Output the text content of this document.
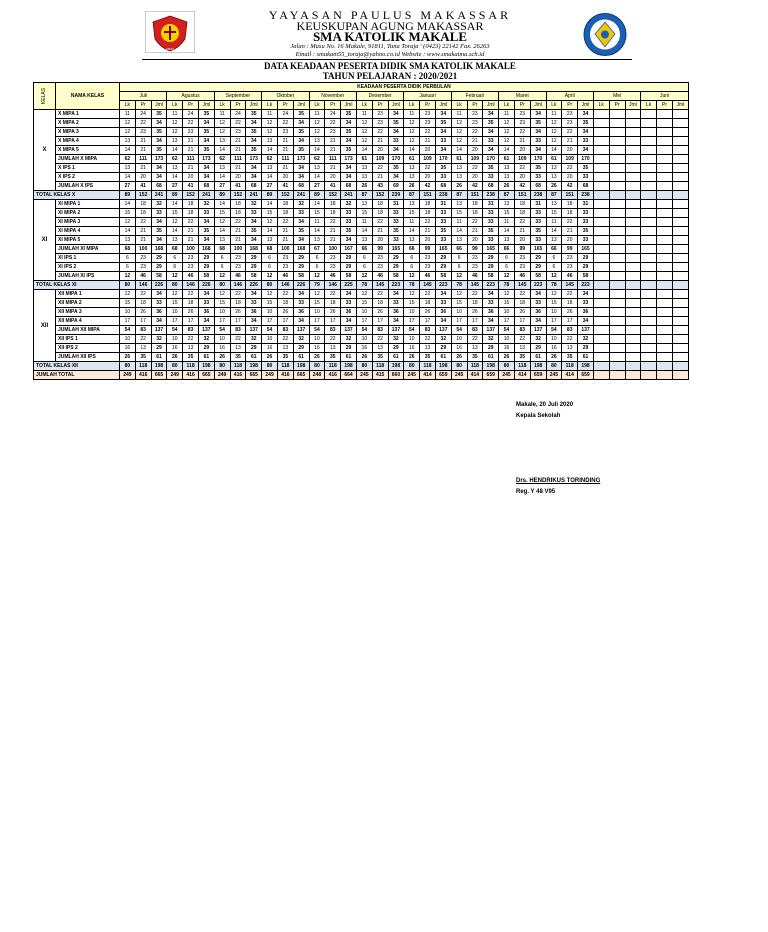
SMAK
YAYASAN PAULUS MAKASSAR
KEUSKUPAN AGUNG MAKASSAR
SMA KATOLIK MAKALE
Jalan : Musu No. 16 Makale, 91811, Tana Toraja ' (0423) 22142 Fax. 26263
Email : smakam55_toraja@yahoo.co.id Website : www.smakatma.sch.id
DATA KEADAAN PESERTA DIDIK SMA KATOLIK MAKALE
TAHUN PELAJARAN : 2020/2021
KELAS	NAMA KELAS	KEADAAN PESERTA DIDIK PERBULAN																																			
		Juli			Agustus			September			Oktober			November			Desember			Januari			Februari			Maret			April			Mei			Juni		
		Lk	Pr	Jml	Lk	Pr	Jml	Lk	Pr	Jml	Lk	Pr	Jml	Lk	Pr	Jml	Lk	Pr	Jml	Lk	Pr	Jml	Lk	Pr	Jml	Lk	Pr	Jml	Lk	Pr	Jml	Lk	Pr	Jml	Lk	Pr	Jml
X	X MIPA 1	11	24	35	11	24	35	11	24	35	11	24	35	11	24	35	11	23	34	11	23	34	11	23	34	11	23	34	11	23	34						
	X MIPA 2	12	22	34	12	22	34	12	22	34	12	22	34	12	22	34	12	23	35	12	23	35	12	23	35	12	23	35	12	23	35						
	X MIPA 3	12	23	35	12	23	35	12	23	35	12	23	35	12	23	35	12	22	34	12	22	34	12	22	34	12	22	34	12	22	34						
	X MIPA 4	13	21	34	13	21	34	13	21	34	13	21	34	13	21	34	12	21	33	12	21	33	12	21	33	12	21	33	12	21	33						
	X MIPA 5	14	21	35	14	21	35	14	21	35	14	21	35	14	21	35	14	20	34	14	20	34	14	20	34	14	20	34	14	20	34						
	JUMLAH X MIPA	62	111	173	62	111	173	62	111	173	62	111	173	62	111	173	61	109	170	61	109	170	61	109	170	61	109	170	61	109	170						
	X IPS 1	13	21	34	13	21	34	13	21	34	13	21	34	13	21	34	13	22	35	13	22	35	13	22	35	13	22	35	13	22	35						
	X IPS 2	14	20	34	14	20	34	14	20	34	14	20	34	14	20	34	13	21	34	13	20	33	13	20	33	13	20	33	13	20	33						
	JUMLAH X IPS	27	41	68	27	41	68	27	41	68	27	41	68	27	41	68	26	43	69	26	42	68	26	42	68	26	42	68	26	42	68						
TOTAL KELAS X		89	152	241	89	152	241	89	152	241	89	152	241	89	152	241	87	152	239	87	151	238	87	151	238	87	151	238	87	151	238						
XI	XI MIPA 1	14	18	32	14	18	32	14	18	32	14	18	32	14	18	32	13	18	31	13	18	31	13	18	31	13	18	31	13	18	31						
	XI MIPA 2	15	18	33	15	18	33	15	18	33	15	18	33	15	18	33	15	18	33	15	18	33	15	18	33	15	18	33	15	18	33						
	XI MIPA 3	12	22	34	12	22	34	12	22	34	12	22	34	11	22	33	11	22	33	11	22	33	11	22	33	11	22	33	11	22	33						
	XI MIPA 4	14	21	35	14	21	35	14	21	35	14	21	35	14	21	35	14	21	35	14	21	35	14	21	35	14	21	35	14	21	35						
	XI MIPA 5	13	21	34	13	21	34	13	21	34	13	21	34	13	21	34	13	20	33	13	20	33	13	20	33	13	20	33	13	20	33						
	JUMLAH XI MIPA	68	100	168	68	100	168	68	100	168	68	100	168	67	100	167	66	99	165	66	99	165	66	99	165	66	99	165	66	99	165						
	XI IPS 1	6	23	29	6	23	29	6	23	29	6	23	29	6	23	29	6	23	29	6	23	29	6	23	29	6	23	29	6	23	29						
	XI IPS 2	6	23	29	6	23	29	6	23	29	6	23	29	6	23	29	6	23	29	6	23	29	6	23	29	6	23	29	6	23	29						
	JUMLAH XI IPS	12	46	58	12	46	58	12	46	58	12	46	58	12	46	58	12	46	58	12	46	58	12	46	58	12	46	58	12	46	58						
TOTAL KELAS XI		80	146	226	80	146	226	80	146	226	80	146	226	79	146	225	78	145	223	78	145	223	78	145	223	78	145	223	78	145	223						
XII	XII MIPA 1	12	22	34	12	22	34	12	22	34	12	22	34	12	22	34	12	22	34	12	22	34	12	22	34	12	22	34	12	22	34						
	XII MIPA 2	15	18	33	15	18	33	15	18	33	15	18	33	15	18	33	15	18	33	15	18	33	15	18	33	15	18	33	15	18	33						
	XII MIPA 3	10	26	36	10	26	36	10	26	36	10	26	36	10	26	36	10	26	36	10	26	36	10	26	36	10	26	36	10	26	36						
	XII MIPA 4	17	17	34	17	17	34	17	17	34	17	17	34	17	17	34	17	17	34	17	17	34	17	17	34	17	17	34	17	17	34						
	JUMLAH XII MIPA	54	83	137	54	83	137	54	83	137	54	83	137	54	83	137	54	83	137	54	83	137	54	83	137	54	83	137	54	83	137						
	XII IPS 1	10	22	32	10	22	32	10	22	32	10	22	32	10	22	32	10	22	32	10	22	32	10	22	32	10	22	32	10	22	32						
	XII IPS 2	16	13	29	16	13	29	16	13	29	16	13	29	16	13	29	16	13	29	16	13	29	16	13	29	16	13	29	16	13	29						
	JUMLAH XII IPS	26	35	61	26	35	61	26	35	61	26	35	61	26	35	61	26	35	61	26	35	61	26	35	61	26	35	61	26	35	61						
TOTAL KELAS XII		80	118	198	80	118	198	80	118	198	80	118	198	80	118	198	80	118	198	80	118	198	80	118	198	80	118	198	80	118	198						
JUMLAH TOTAL		249	416	665	249	416	665	249	416	665	249	416	665	248	416	664	245	415	660	245	414	659	245	414	659	245	414	659	245	414	659						
Makale, 20 Juli 2020
Kepala Sekolah
Drs. HENDRIKUS TORINDING
Reg. Y 48 V95
